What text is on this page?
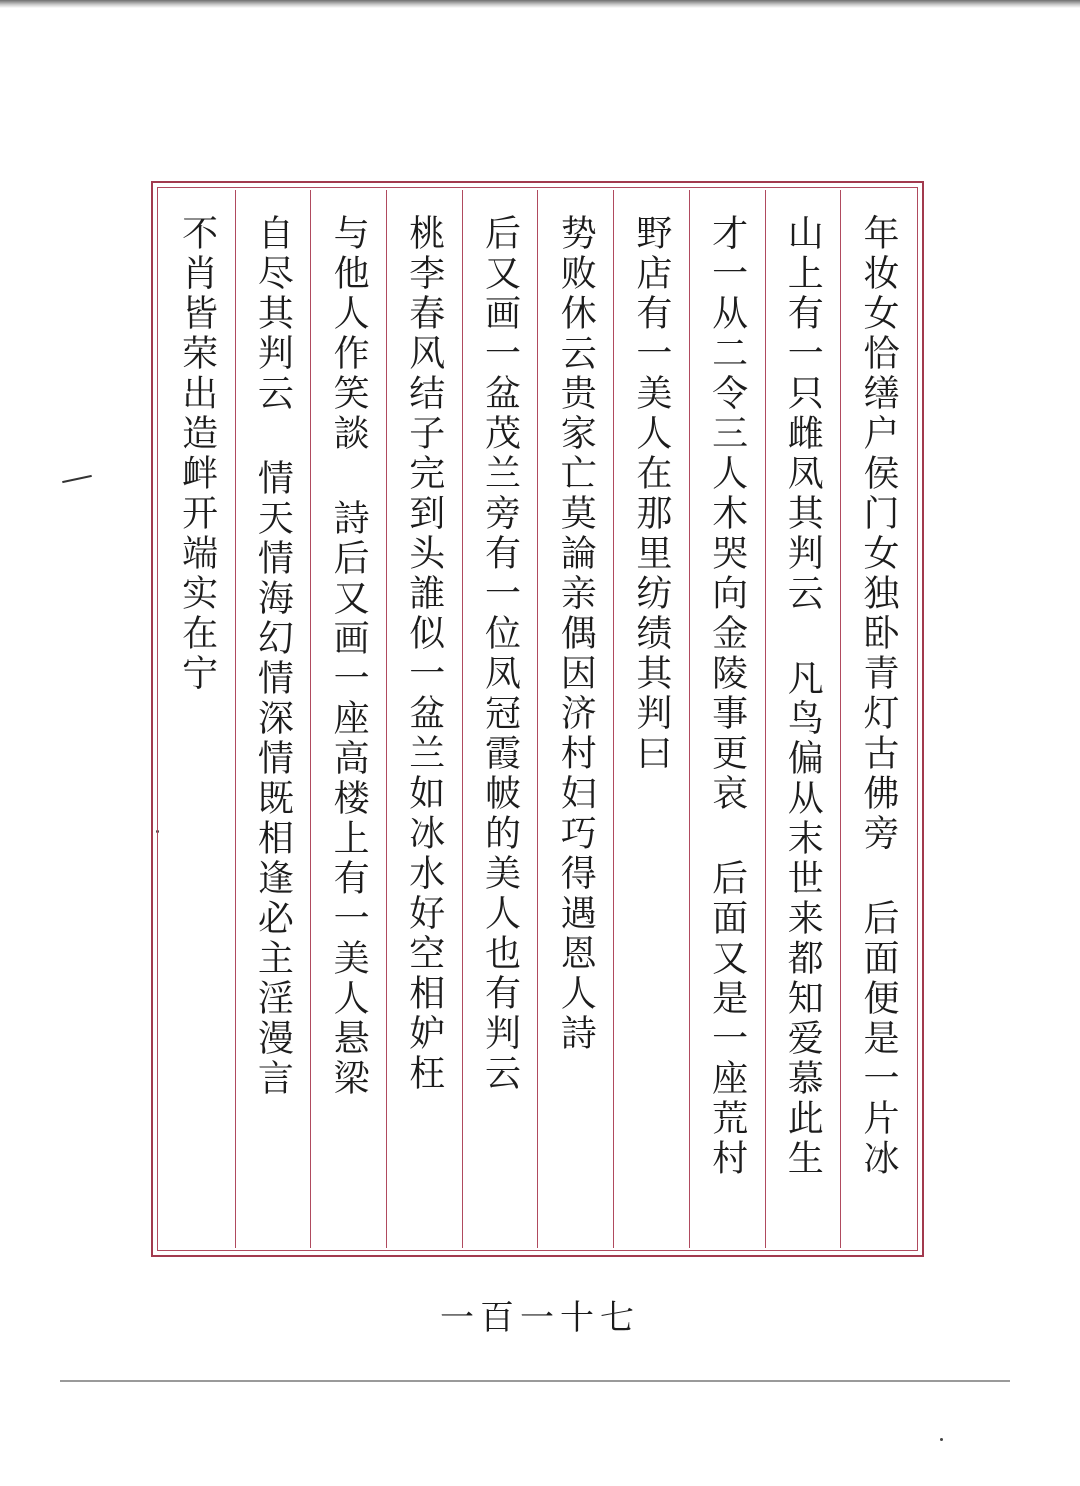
年妆女恰缮户侯门女独卧青灯古佛旁 后面便是一片冰
山上有一只雌凤其判云 凡鸟偏从末世来都知爱慕此生
才一从二令三人木哭向金陵事更哀 后面又是一座荒村
野店有一美人在那里纺绩其判曰
势败休云贵家亡莫論亲偶因济村妇巧得遇恩人詩
后又画一盆茂兰旁有一位凤冠霞帔的美人也有判云
桃李春风结子完到头誰似一盆兰如冰水好空相妒枉
与他人作笑談 詩后又画一座高楼上有一美人悬梁
自尽其判云 情天情海幻情深情既相逢必主淫漫言
不肖皆荣出造衅开端实在宁
一百一十七
